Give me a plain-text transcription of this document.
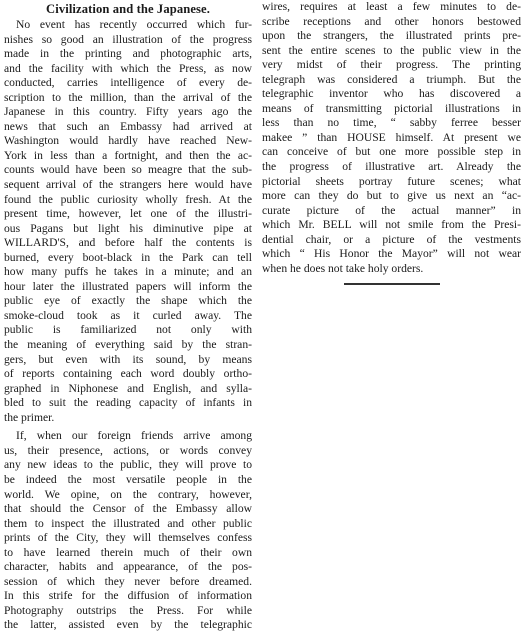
Civilization and the Japanese.
No event has recently occurred which fur-
nishes so good an illustration of the progress
made in the printing and photographic arts,
and the facility with which the Press, as now
conducted, carries intelligence of every de-
scription to the million, than the arrival of the
Japanese in this country. Fifty years ago the
news that such an Embassy had arrived at
Washington would hardly have reached New-
York in less than a fortnight, and then the ac-
counts would have been so meagre that the sub-
sequent arrival of the strangers here would have
found the public curiosity wholly fresh. At the
present time, however, let one of the illustri-
ous Pagans but light his diminutive pipe at
WILLARD'S, and before half the contents is
burned, every boot-black in the Park can tell
how many puffs he takes in a minute; and an
hour later the illustrated papers will inform the
public eye of exactly the shape which the
smoke-cloud took as it curled away. The
public is familiarized not only with
the meaning of everything said by the stran-
gers, but even with its sound, by means
of reports containing each word doubly ortho-
graphed in Niphonese and English, and sylla-
bled to suit the reading capacity of infants in
the primer.
If, when our foreign friends arrive among
us, their presence, actions, or words convey
any new ideas to the public, they will prove to
be indeed the most versatile people in the
world. We opine, on the contrary, however,
that should the Censor of the Embassy allow
them to inspect the illustrated and other public
prints of the City, they will themselves confess
to have learned therein much of their own
character, habits and appearance, of the pos-
session of which they never before dreamed.
In this strife for the diffusion of information
Photography outstrips the Press. For while
the latter, assisted even by the telegraphic
wires, requires at least a few minutes to de-
scribe receptions and other honors bestowed
upon the strangers, the illustrated prints pre-
sent the entire scenes to the public view in the
very midst of their progress. The printing
telegraph was considered a triumph. But the
telegraphic inventor who has discovered a
means of transmitting pictorial illustrations in
less than no time, “ sabby ferree besser
makee ” than HOUSE himself. At present we
can conceive of but one more possible step in
the progress of illustrative art. Already the
pictorial sheets portray future scenes; what
more can they do but to give us next an “ac-
curate picture of the actual manner” in
which Mr. BELL will not smile from the Presi-
dential chair, or a picture of the vestments
which “ His Honor the Mayor” will not wear
when he does not take holy orders.
